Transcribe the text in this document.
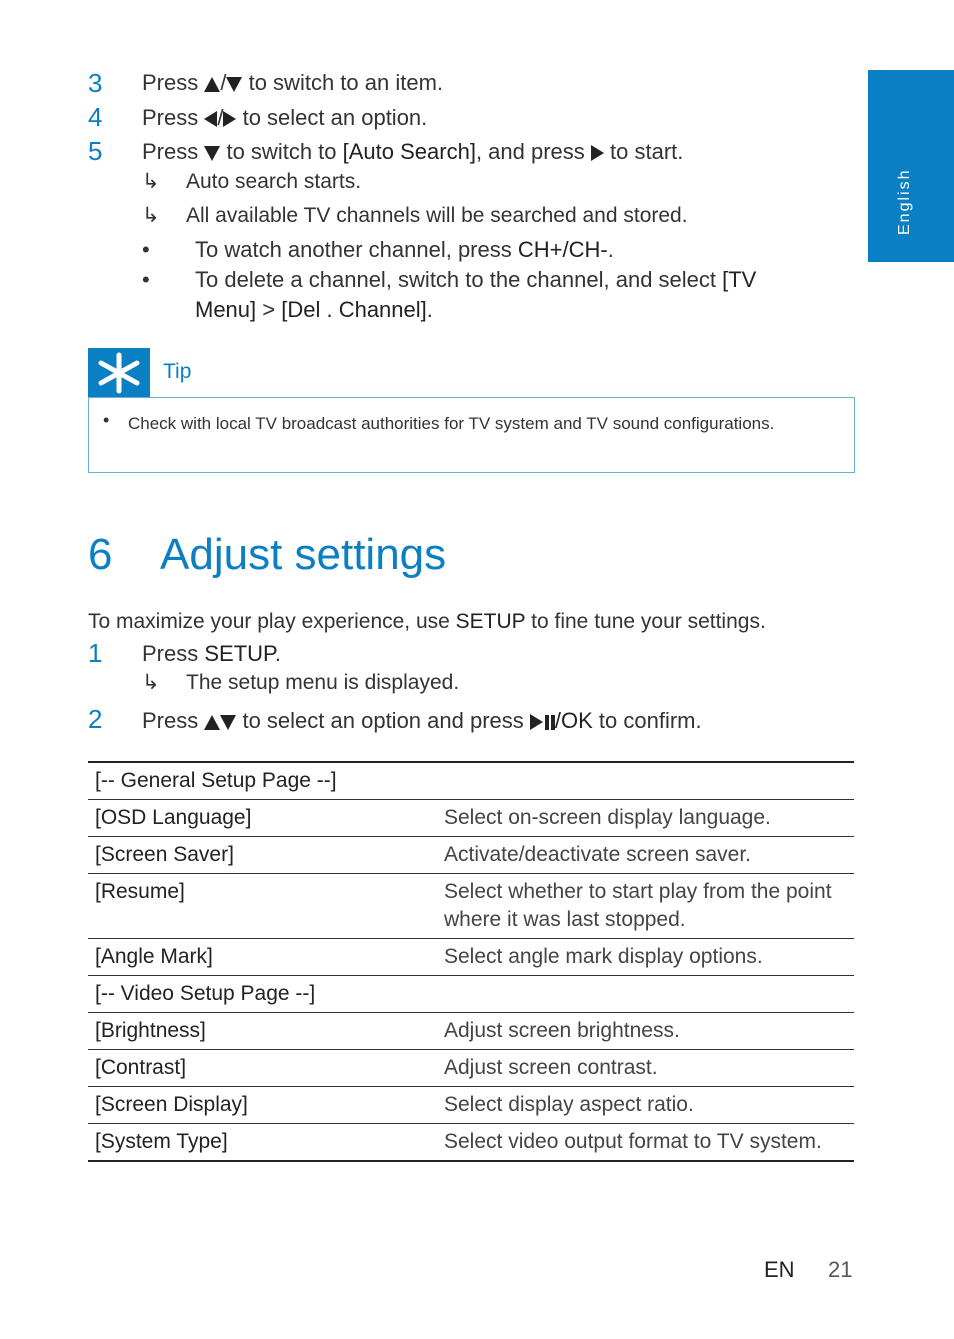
English
3 Press / to switch to an item.
4 Press / to select an option.
5 Press  to switch to [Auto Search], and press  to start.
↳ Auto search starts.
↳ All available TV channels will be searched and stored.
• To watch another channel, press CH+/CH-.
• To delete a channel, switch to the channel, and select [TV Menu] > [Del . Channel].
Tip
• Check with local TV broadcast authorities for TV system and TV sound configurations.
6 Adjust settings
To maximize your play experience, use SETUP to fine tune your settings.
1 Press SETUP.
↳ The setup menu is displayed.
2 Press  to select an option and press /OK to confirm.
[-- General Setup Page --]	
[OSD Language]	Select on-screen display language.
[Screen Saver]	Activate/deactivate screen saver.
[Resume]	Select whether to start play from the point where it was last stopped.
[Angle Mark]	Select angle mark display options.
[-- Video Setup Page --]	
[Brightness]	Adjust screen brightness.
[Contrast]	Adjust screen contrast.
[Screen Display]	Select display aspect ratio.
[System Type]	Select video output format to TV system.
EN 21
